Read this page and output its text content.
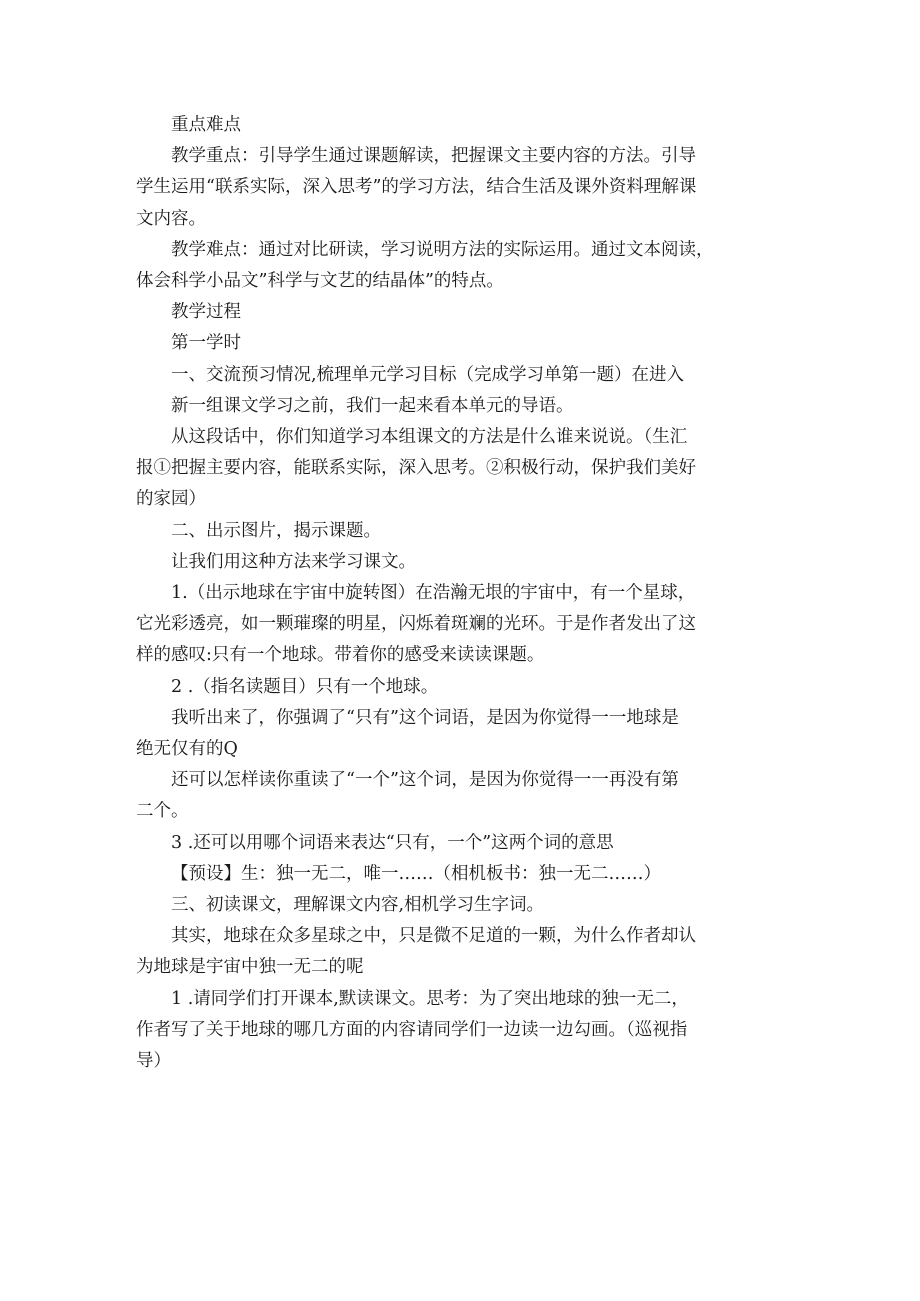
重点难点
教学重点：引导学生通过课题解读，把握课文主要内容的方法。引导
学生运用“联系实际，深入思考”的学习方法，结合生活及课外资料理解课
文内容。
教学难点：通过对比研读，学习说明方法的实际运用。通过文本阅读，
体会科学小品文”科学与文艺的结晶体”的特点。
教学过程
第一学时
一、交流预习情况,梳理单元学习目标（完成学习单第一题）在进入
新一组课文学习之前，我们一起来看本单元的导语。
从这段话中，你们知道学习本组课文的方法是什么谁来说说。（生汇
报①把握主要内容，能联系实际，深入思考。②积极行动，保护我们美好
的家园）
二、出示图片，揭示课题。
让我们用这种方法来学习课文。
1.（出示地球在宇宙中旋转图）在浩瀚无垠的宇宙中，有一个星球，
它光彩透亮，如一颗璀璨的明星，闪烁着斑斓的光环。于是作者发出了这
样的感叹:只有一个地球。带着你的感受来读读课题。
2 .（指名读题目）只有一个地球。
我听出来了，你强调了“只有”这个词语，是因为你觉得一一地球是
绝无仅有的Q
还可以怎样读你重读了“一个”这个词，是因为你觉得一一再没有第
二个。
3 .还可以用哪个词语来表达“只有，一个”这两个词的意思
【预设】生：独一无二，唯一……（相机板书：独一无二……）
三、初读课文，理解课文内容,相机学习生字词。
其实，地球在众多星球之中，只是微不足道的一颗，为什么作者却认
为地球是宇宙中独一无二的呢
1 .请同学们打开课本,默读课文。思考：为了突出地球的独一无二，
作者写了关于地球的哪几方面的内容请同学们一边读一边勾画。（巡视指
导）
